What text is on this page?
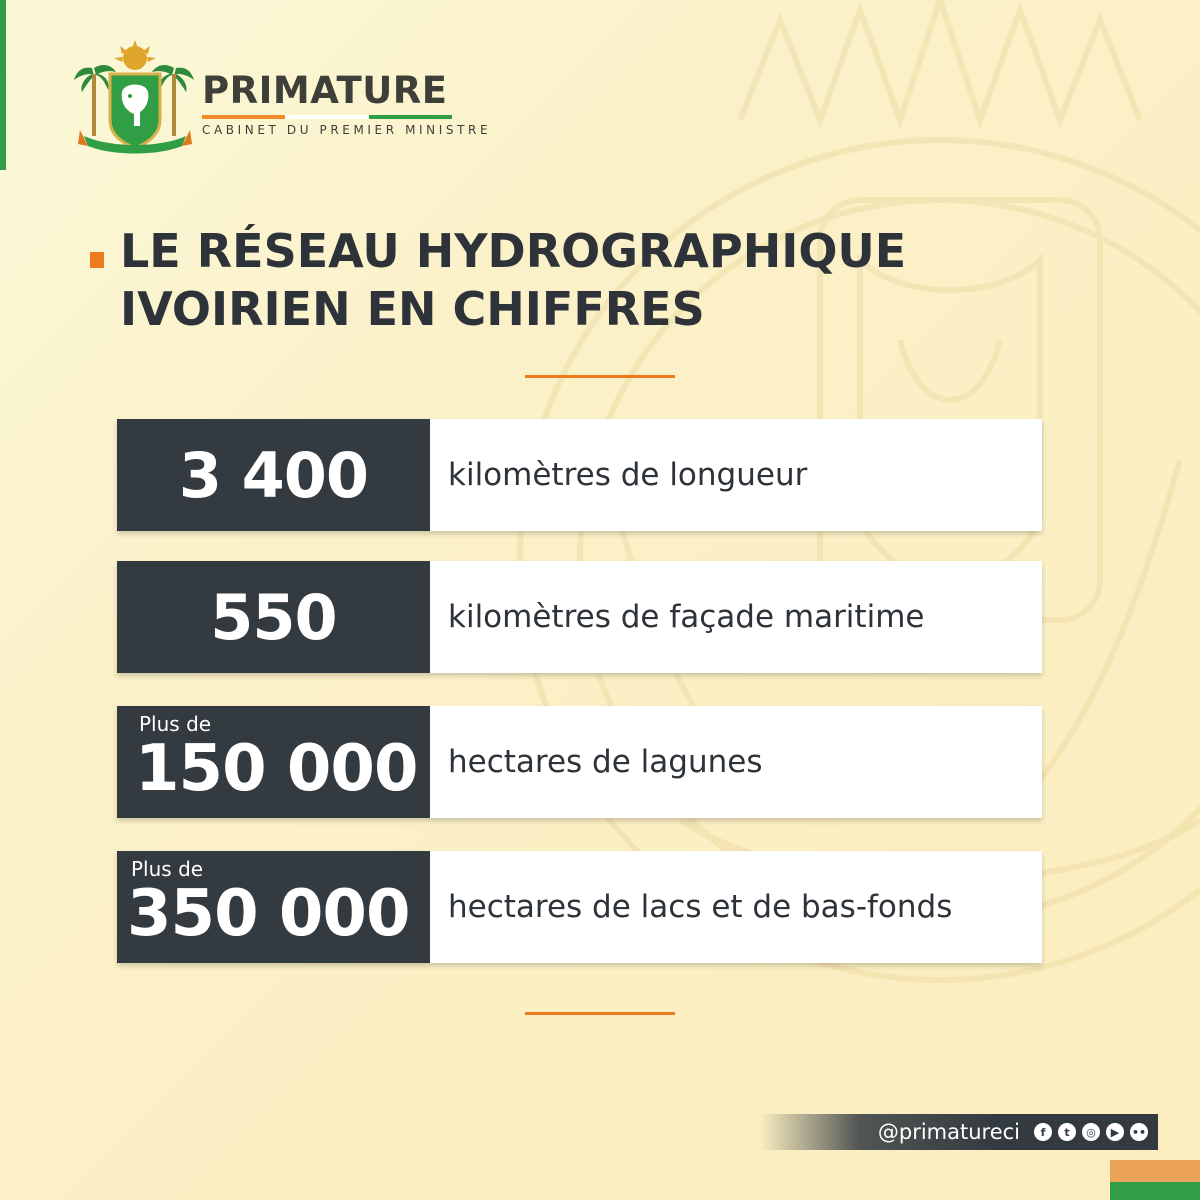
PRIMATURE
CABINET DU PREMIER MINISTRE
LE RÉSEAU HYDROGRAPHIQUE
IVOIRIEN EN CHIFFRES
3 400	kilomètres de longueur
550	kilomètres de façade maritime
Plus de
150 000 hectares de lagunes
Plus de
350 000	hectares de lacs et de bas-fonds
@primatureci	f	t	◎	▶	••
